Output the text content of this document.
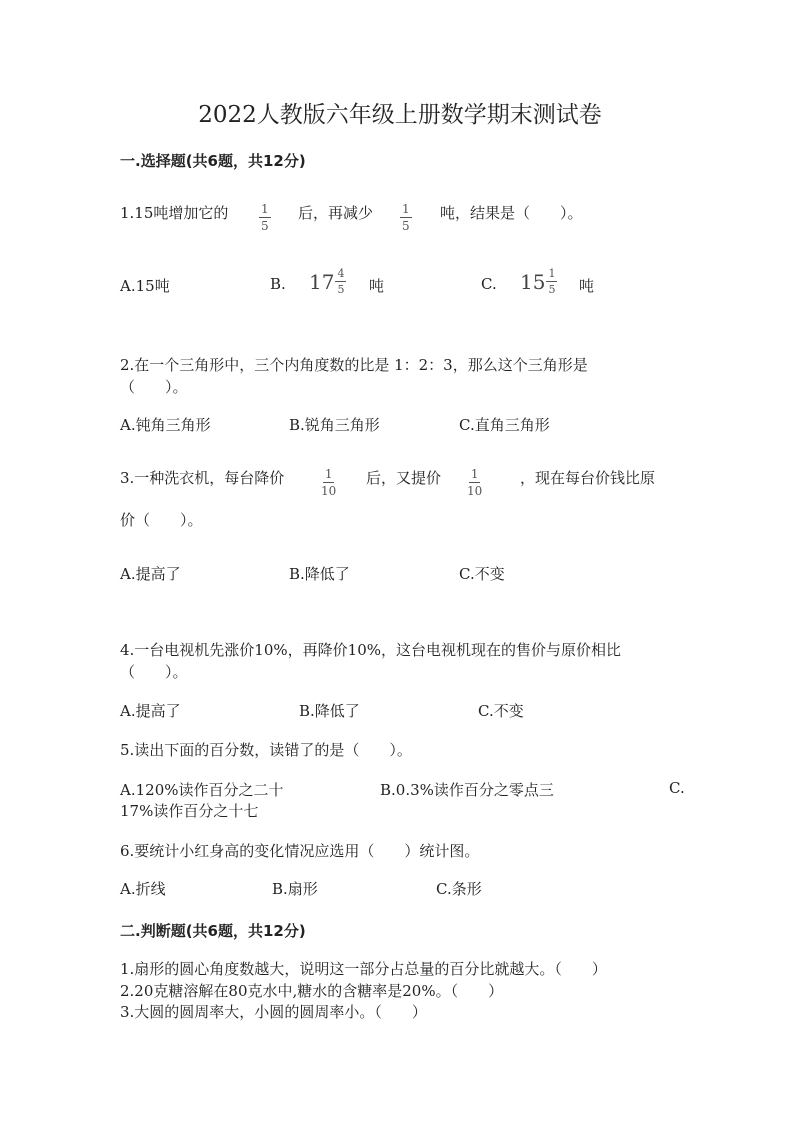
2022人教版六年级上册数学期末测试卷
一.选择题(共6题，共12分)
1.15吨增加它的	$\frac{1}{5}$ 后，再减少 $\frac{1}{5}$ 吨，结果是（　　）。
A.15吨	B. $17 \frac{4}{5}$ 吨	C. $15 \frac{1}{5}$ 吨
2.在一个三角形中，三个内角度数的比是 1：2：3，那么这个三角形是
（　　）。
A.钝角三角形	B.锐角三角形	C.直角三角形
3.一种洗衣机，每台降价	$\frac{1}{10}$ 后，又提价 $\frac{1}{10}$	，现在每台价钱比原
价（　　）。
A.提高了	B.降低了	C.不变
4.一台电视机先涨价10%，再降价10%，这台电视机现在的售价与原价相比
（　　）。
A.提高了	B.降低了	C.不变
5.读出下面的百分数，读错了的是（　　）。
A.120%读作百分之二十	B.0.3%读作百分之零点三	C.
17%读作百分之十七
6.要统计小红身高的变化情况应选用（　　）统计图。
A.折线	B.扇形	C.条形
二.判断题(共6题，共12分)
1.扇形的圆心角度数越大，说明这一部分占总量的百分比就越大。（　　）
2.20克糖溶解在80克水中,糖水的含糖率是20%。（　　）
3.大圆的圆周率大，小圆的圆周率小。（　　）
